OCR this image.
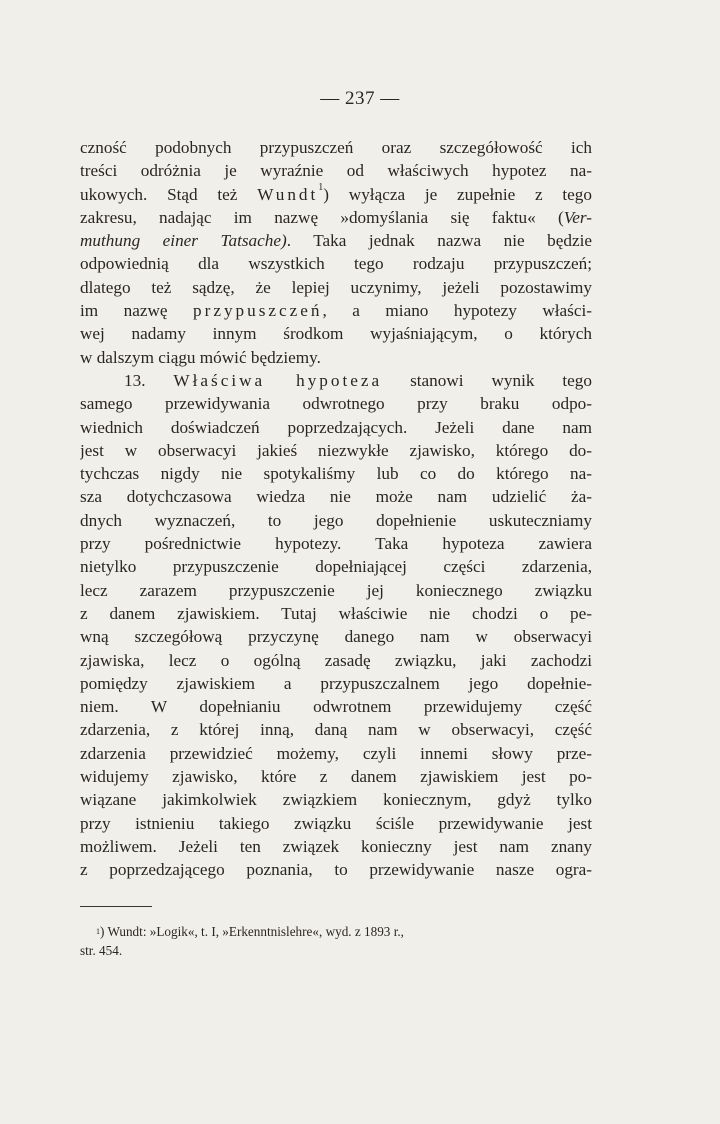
— 237 —
czność podobnych przypuszczeń oraz szczegółowość ich
treści odróżnia je wyraźnie od właściwych hypotez na-
ukowych. Stąd też Wundt$^1$) wyłącza je zupełnie z tego
zakresu, nadając im nazwę »domyślania się faktu« (Ver-
muthung einer Tatsache). Taka jednak nazwa nie będzie
odpowiednią dla wszystkich tego rodzaju przypuszczeń;
dlatego też sądzę, że lepiej uczynimy, jeżeli pozostawimy
im nazwę przypuszczeń, a miano hypotezy właści-
wej nadamy innym środkom wyjaśniającym, o których
w dalszym ciągu mówić będziemy.
13. Właściwa hypoteza stanowi wynik tego
samego przewidywania odwrotnego przy braku odpo-
wiednich doświadczeń poprzedzających. Jeżeli dane nam
jest w obserwacyi jakieś niezwykłe zjawisko, którego do-
tychczas nigdy nie spotykaliśmy lub co do którego na-
sza dotychczasowa wiedza nie może nam udzielić ża-
dnych wyznaczeń, to jego dopełnienie uskuteczniamy
przy pośrednictwie hypotezy. Taka hypoteza zawiera
nietylko przypuszczenie dopełniającej części zdarzenia,
lecz zarazem przypuszczenie jej koniecznego związku
z danem zjawiskiem. Tutaj właściwie nie chodzi o pe-
wną szczegółową przyczynę danego nam w obserwacyi
zjawiska, lecz o ogólną zasadę związku, jaki zachodzi
pomiędzy zjawiskiem a przypuszczalnem jego dopełnie-
niem. W dopełnianiu odwrotnem przewidujemy część
zdarzenia, z której inną, daną nam w obserwacyi, część
zdarzenia przewidzieć możemy, czyli innemi słowy prze-
widujemy zjawisko, które z danem zjawiskiem jest po-
wiązane jakimkolwiek związkiem koniecznym, gdyż tylko
przy istnieniu takiego związku ściśle przewidywanie jest
możliwem. Jeżeli ten związek konieczny jest nam znany
z poprzedzającego poznania, to przewidywanie nasze ogra-
$^1$) Wundt: »Logik«, t. I, »Erkenntnislehre«, wyd. z 1893 r.,
str. 454.
